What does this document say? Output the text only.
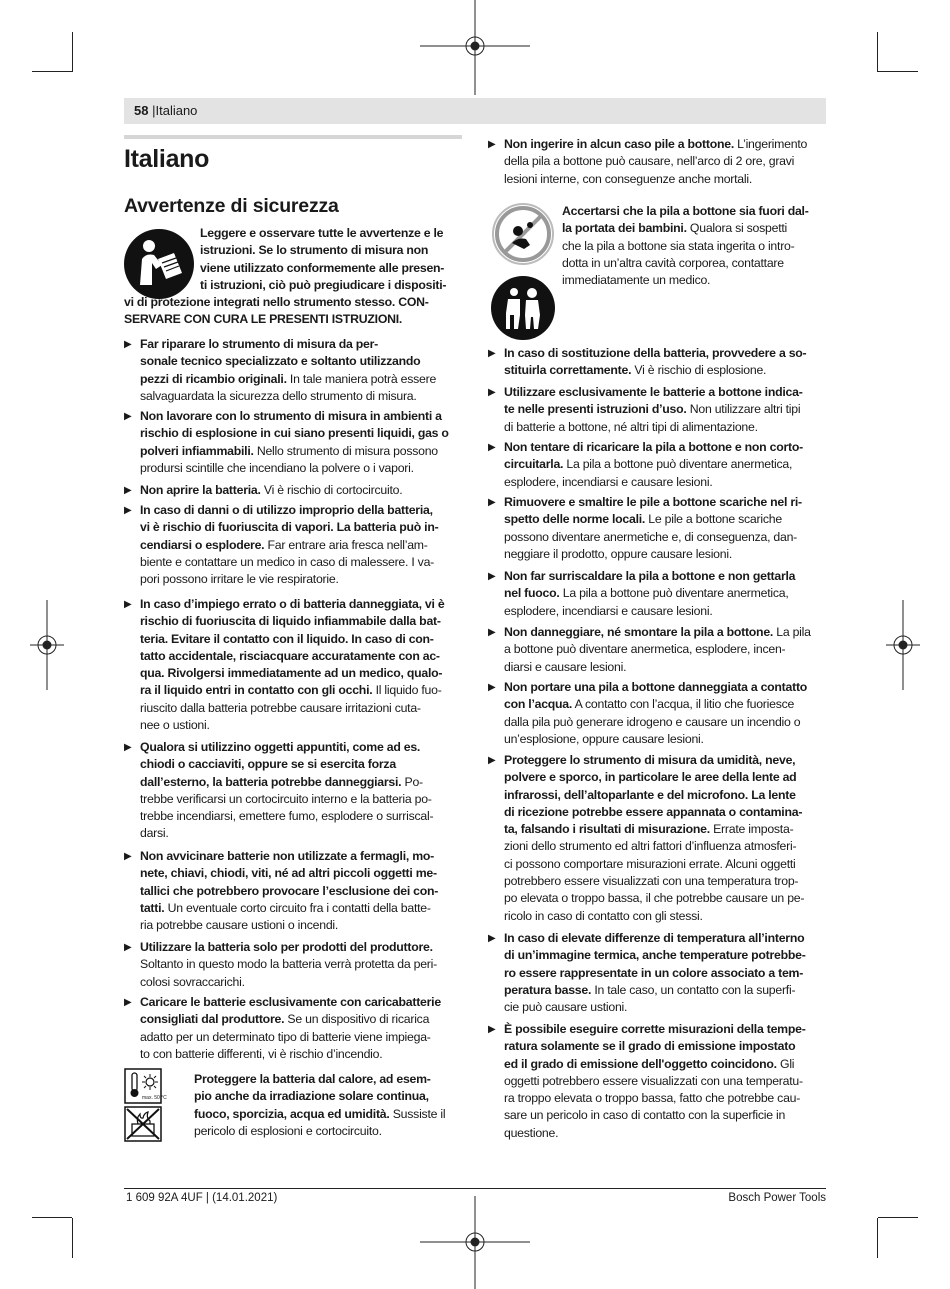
58 |Italiano
Italiano
Avvertenze di sicurezza
Leggere e osservare tutte le avvertenze e le
istruzioni. Se lo strumento di misura non
viene utilizzato conformemente alle presen-
ti istruzioni, ciò può pregiudicare i dispositi-
vi di protezione integrati nello strumento stesso. CON-
SERVARE CON CURA LE PRESENTI ISTRUZIONI.
▶ Far riparare lo strumento di misura da per-
sonale tecnico specializzato e soltanto utilizzando
pezzi di ricambio originali. In tale maniera potrà essere
salvaguardata la sicurezza dello strumento di misura.
▶ Non lavorare con lo strumento di misura in ambienti a
rischio di esplosione in cui siano presenti liquidi, gas o
polveri infiammabili. Nello strumento di misura possono
prodursi scintille che incendiano la polvere o i vapori.
▶ Non aprire la batteria. Vi è rischio di cortocircuito.
▶ In caso di danni o di utilizzo improprio della batteria,
vi è rischio di fuoriuscita di vapori. La batteria può in-
cendiarsi o esplodere. Far entrare aria fresca nell’am-
biente e contattare un medico in caso di malessere. I va-
pori possono irritare le vie respiratorie.
▶ In caso d’impiego errato o di batteria danneggiata, vi è
rischio di fuoriuscita di liquido infiammabile dalla bat-
teria. Evitare il contatto con il liquido. In caso di con-
tatto accidentale, risciacquare accuratamente con ac-
qua. Rivolgersi immediatamente ad un medico, qualo-
ra il liquido entri in contatto con gli occhi. Il liquido fuo-
riuscito dalla batteria potrebbe causare irritazioni cuta-
nee o ustioni.
▶ Qualora si utilizzino oggetti appuntiti, come ad es.
chiodi o cacciaviti, oppure se si esercita forza
dall’esterno, la batteria potrebbe danneggiarsi. Po-
trebbe verificarsi un cortocircuito interno e la batteria po-
trebbe incendiarsi, emettere fumo, esplodere o surriscal-
darsi.
▶ Non avvicinare batterie non utilizzate a fermagli, mo-
nete, chiavi, chiodi, viti, né ad altri piccoli oggetti me-
tallici che potrebbero provocare l’esclusione dei con-
tatti. Un eventuale corto circuito fra i contatti della batte-
ria potrebbe causare ustioni o incendi.
▶ Utilizzare la batteria solo per prodotti del produttore.
Soltanto in questo modo la batteria verrà protetta da peri-
colosi sovraccarichi.
▶ Caricare le batterie esclusivamente con caricabatterie
consigliati dal produttore. Se un dispositivo di ricarica
adatto per un determinato tipo di batterie viene impiega-
to con batterie differenti, vi è rischio d’incendio.
max. 50 °C
Proteggere la batteria dal calore, ad esem-
pio anche da irradiazione solare continua,
fuoco, sporcizia, acqua ed umidità. Sussiste il
pericolo di esplosioni e cortocircuito.
▶ Non ingerire in alcun caso pile a bottone. L’ingerimento
della pila a bottone può causare, nell’arco di 2 ore, gravi
lesioni interne, con conseguenze anche mortali.
Accertarsi che la pila a bottone sia fuori dal-
la portata dei bambini. Qualora si sospetti
che la pila a bottone sia stata ingerita o intro-
dotta in un’altra cavità corporea, contattare
immediatamente un medico.
▶ In caso di sostituzione della batteria, provvedere a so-
stituirla correttamente. Vi è rischio di esplosione.
▶ Utilizzare esclusivamente le batterie a bottone indica-
te nelle presenti istruzioni d’uso. Non utilizzare altri tipi
di batterie a bottone, né altri tipi di alimentazione.
▶ Non tentare di ricaricare la pila a bottone e non corto-
circuitarla. La pila a bottone può diventare anermetica,
esplodere, incendiarsi e causare lesioni.
▶ Rimuovere e smaltire le pile a bottone scariche nel ri-
spetto delle norme locali. Le pile a bottone scariche
possono diventare anermetiche e, di conseguenza, dan-
neggiare il prodotto, oppure causare lesioni.
▶ Non far surriscaldare la pila a bottone e non gettarla
nel fuoco. La pila a bottone può diventare anermetica,
esplodere, incendiarsi e causare lesioni.
▶ Non danneggiare, né smontare la pila a bottone. La pila
a bottone può diventare anermetica, esplodere, incen-
diarsi e causare lesioni.
▶ Non portare una pila a bottone danneggiata a contatto
con l’acqua. A contatto con l’acqua, il litio che fuoriesce
dalla pila può generare idrogeno e causare un incendio o
un’esplosione, oppure causare lesioni.
▶ Proteggere lo strumento di misura da umidità, neve,
polvere e sporco, in particolare le aree della lente ad
infrarossi, dell’altoparlante e del microfono. La lente
di ricezione potrebbe essere appannata o contamina-
ta, falsando i risultati di misurazione. Errate imposta-
zioni dello strumento ed altri fattori d’influenza atmosferi-
ci possono comportare misurazioni errate. Alcuni oggetti
potrebbero essere visualizzati con una temperatura trop-
po elevata o troppo bassa, il che potrebbe causare un pe-
ricolo in caso di contatto con gli stessi.
▶ In caso di elevate differenze di temperatura all’interno
di un’immagine termica, anche temperature potrebbe-
ro essere rappresentate in un colore associato a tem-
peratura basse. In tale caso, un contatto con la superfi-
cie può causare ustioni.
▶ È possibile eseguire corrette misurazioni della tempe-
ratura solamente se il grado di emissione impostato
ed il grado di emissione dell'oggetto coincidono. Gli
oggetti potrebbero essere visualizzati con una temperatu-
ra troppo elevata o troppo bassa, fatto che potrebbe cau-
sare un pericolo in caso di contatto con la superficie in
questione.
1 609 92A 4UF | (14.01.2021)	Bosch Power Tools
